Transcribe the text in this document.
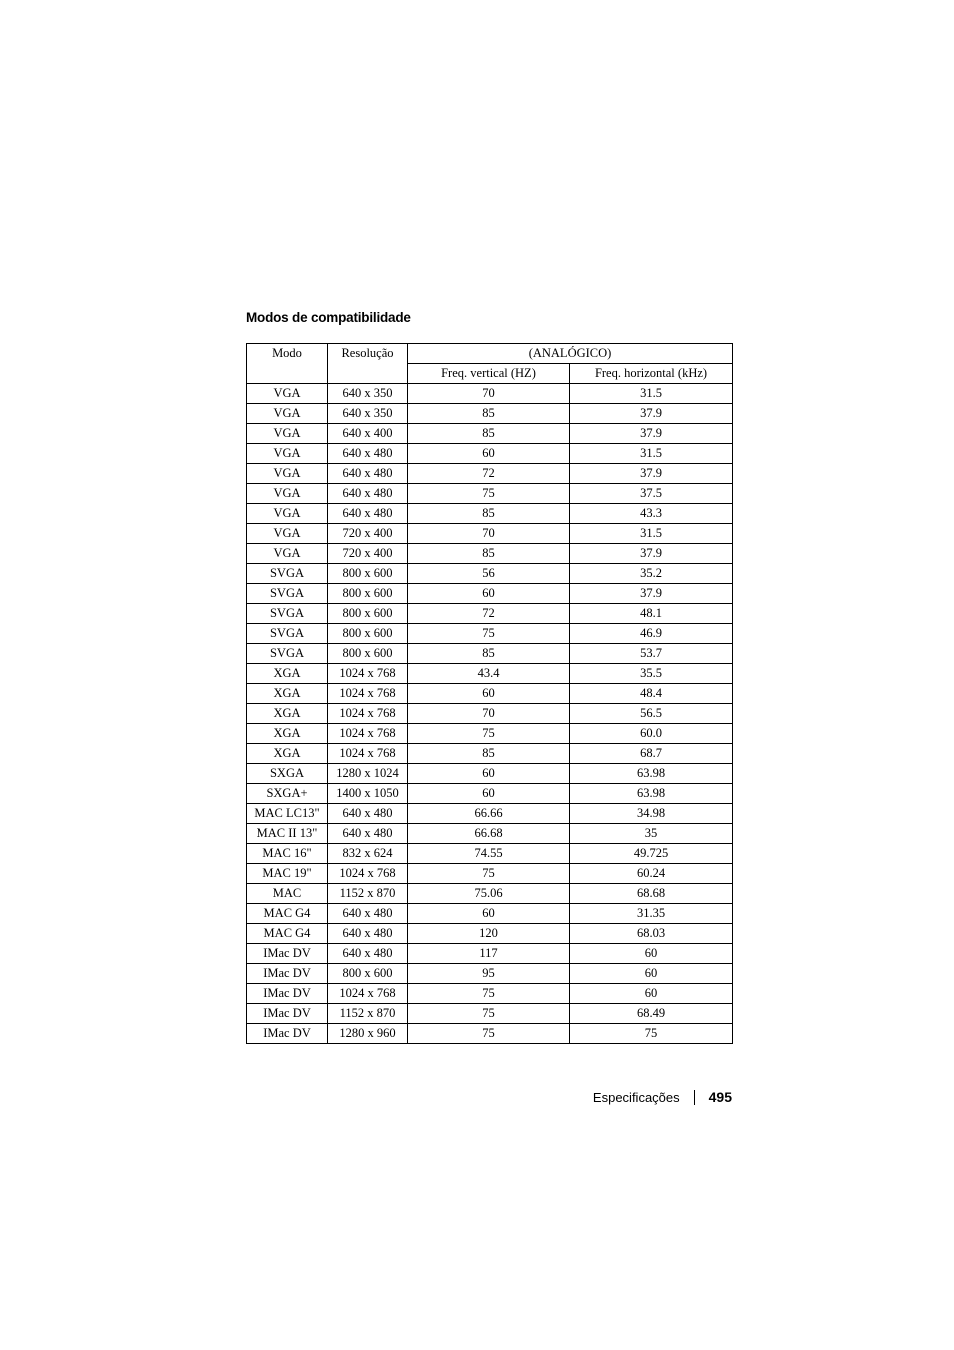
Modos de compatibilidade
Modo	Resolução	(ANALÓGICO)	
		Freq. vertical (HZ)	Freq. horizontal (kHz)
VGA	640 x 350	70	31.5
VGA	640 x 350	85	37.9
VGA	640 x 400	85	37.9
VGA	640 x 480	60	31.5
VGA	640 x 480	72	37.9
VGA	640 x 480	75	37.5
VGA	640 x 480	85	43.3
VGA	720 x 400	70	31.5
VGA	720 x 400	85	37.9
SVGA	800 x 600	56	35.2
SVGA	800 x 600	60	37.9
SVGA	800 x 600	72	48.1
SVGA	800 x 600	75	46.9
SVGA	800 x 600	85	53.7
XGA	1024 x 768	43.4	35.5
XGA	1024 x 768	60	48.4
XGA	1024 x 768	70	56.5
XGA	1024 x 768	75	60.0
XGA	1024 x 768	85	68.7
SXGA	1280 x 1024	60	63.98
SXGA+	1400 x 1050	60	63.98
MAC LC13"	640 x 480	66.66	34.98
MAC II 13"	640 x 480	66.68	35
MAC 16"	832 x 624	74.55	49.725
MAC 19"	1024 x 768	75	60.24
MAC	1152 x 870	75.06	68.68
MAC G4	640 x 480	60	31.35
MAC G4	640 x 480	120	68.03
IMac DV	640 x 480	117	60
IMac DV	800 x 600	95	60
IMac DV	1024 x 768	75	60
IMac DV	1152 x 870	75	68.49
IMac DV	1280 x 960	75	75
Especificações 495
